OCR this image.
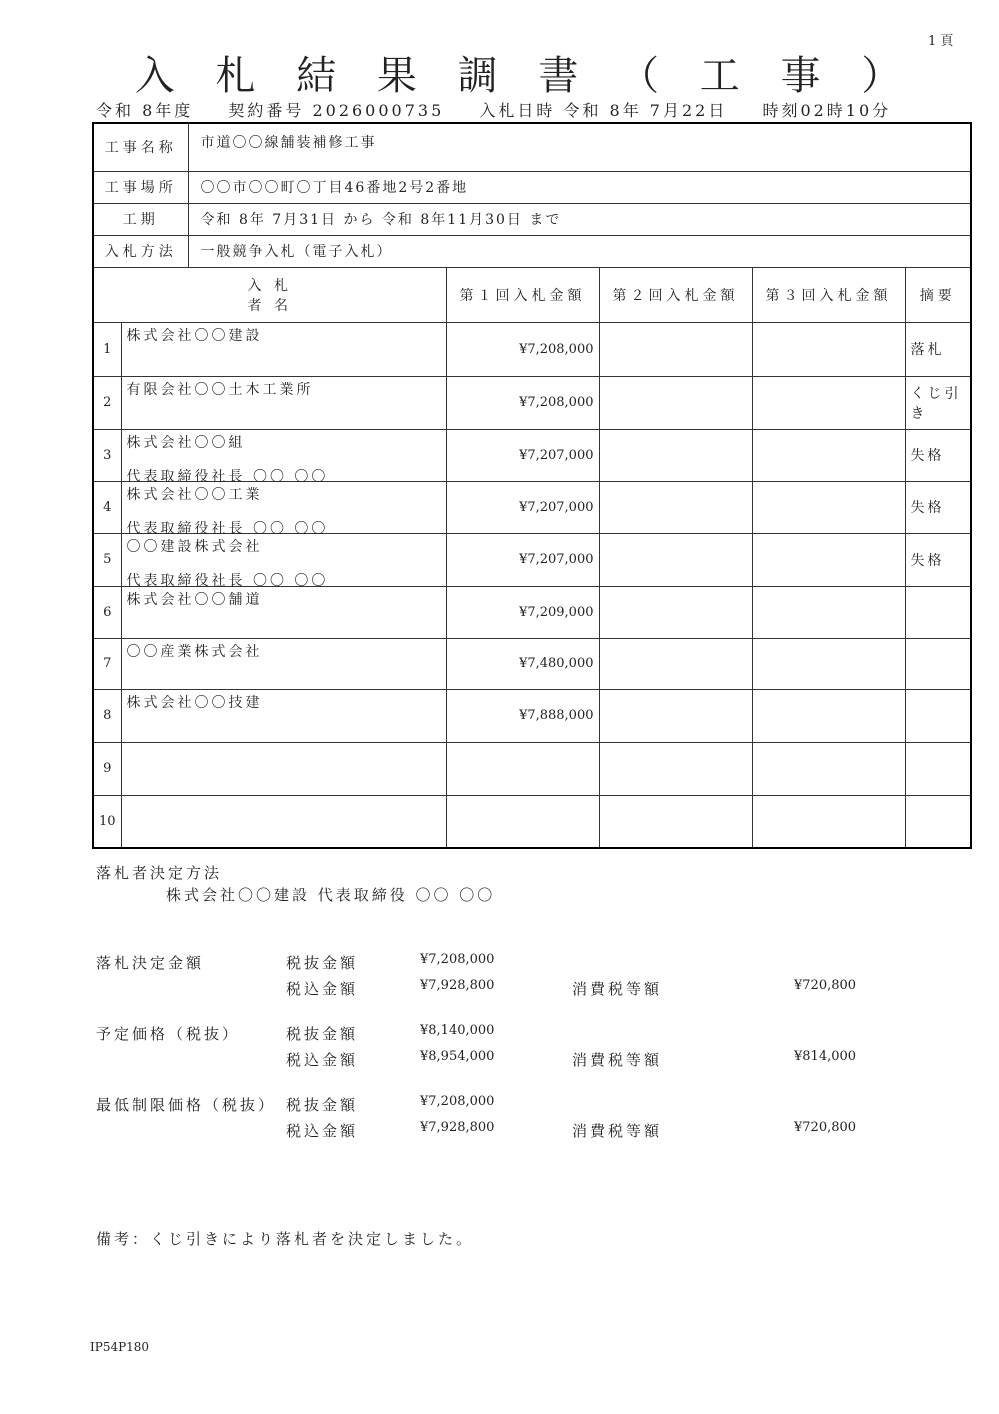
1 頁
入 札 結 果 調 書 （ 工 事 ）
令和 8年度 契約番号 2026000735 入札日時 令和 8年 7月22日 時刻02時10分
工事名称		市道〇〇線舗装補修工事				
工事場所		〇〇市〇〇町〇丁目46番地2号2番地				
工期		令和 8年 7月31日 から 令和 8年11月30日 まで				
入札方法		一般競争入札（電子入札）				

入 札
者 名			第１回入札金額	第２回入札金額	第３回入札金額	摘要
1	株式会社〇〇建設		¥7,208,000			落札
2	有限会社〇〇土木工業所		¥7,208,000			くじ引き
3	株式会社〇〇組
代表取締役社長 〇〇 〇〇		¥7,207,000			失格
4	株式会社〇〇工業
代表取締役社長 〇〇 〇〇		¥7,207,000			失格
5	〇〇建設株式会社
代表取締役社長 〇〇 〇〇		¥7,207,000			失格
6	株式会社〇〇舗道		¥7,209,000			
7	〇〇産業株式会社		¥7,480,000			
8	株式会社〇〇技建		¥7,888,000			
9		

10		

落札者決定方法
株式会社〇〇建設 代表取締役 〇〇 〇〇
落札決定金額	税抜金額	¥7,208,000
税込金額	¥7,928,800	消費税等額	¥720,800
予定価格（税抜）	税抜金額	¥8,140,000
税込金額	¥8,954,000	消費税等額	¥814,000
最低制限価格（税抜） 税抜金額	¥7,208,000
税込金額	¥7,928,800	消費税等額	¥720,800
備考：くじ引きにより落札者を決定しました。
IP54P180
